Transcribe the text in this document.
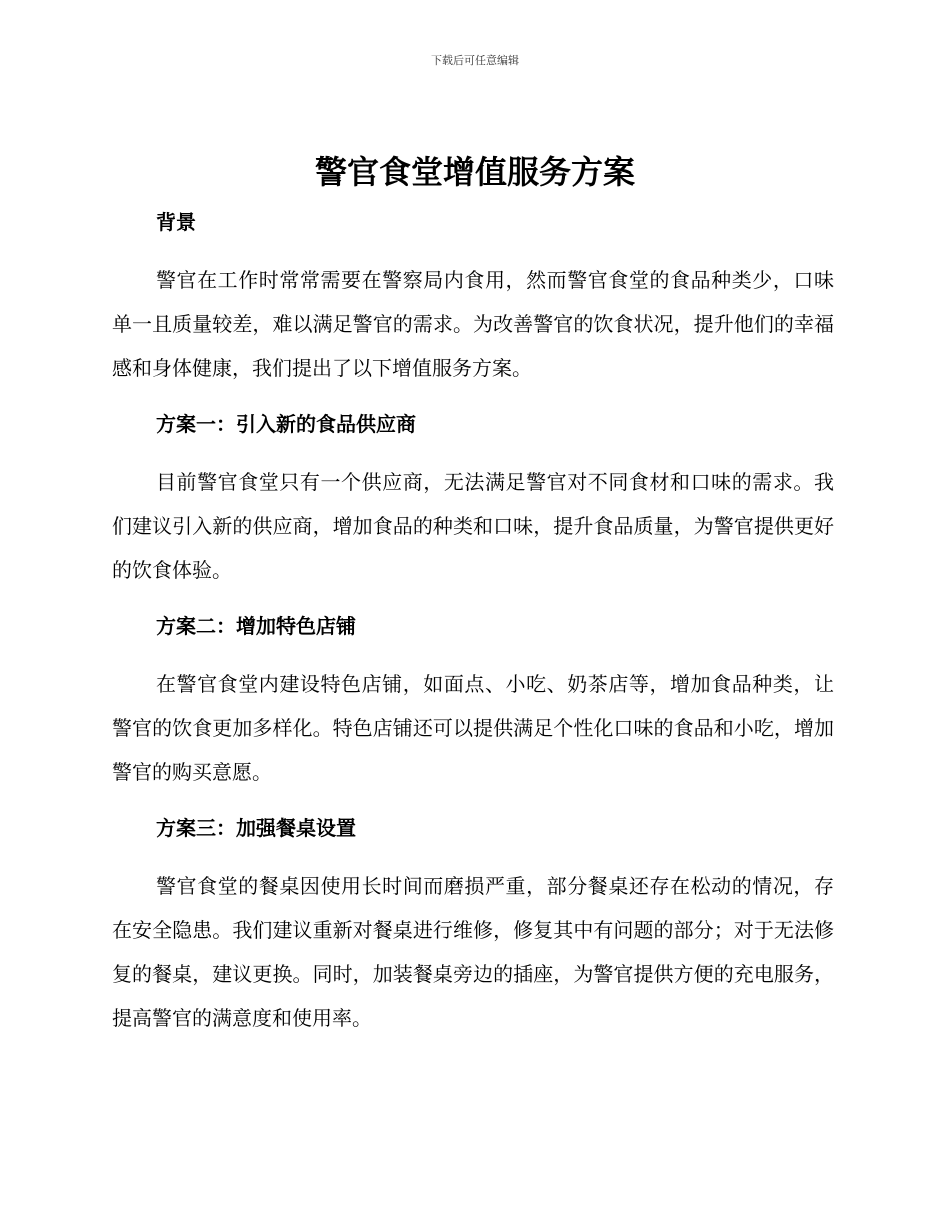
下载后可任意编辑
警官食堂增值服务方案
背景

警官在工作时常常需要在警察局内食用，然而警官食堂的食品种类少，口味单一且质量较差，难以满足警官的需求。为改善警官的饮食状况，提升他们的幸福感和身体健康，我们提出了以下增值服务方案。

方案一：引入新的食品供应商

目前警官食堂只有一个供应商，无法满足警官对不同食材和口味的需求。我们建议引入新的供应商，增加食品的种类和口味，提升食品质量，为警官提供更好的饮食体验。

方案二：增加特色店铺

在警官食堂内建设特色店铺，如面点、小吃、奶茶店等，增加食品种类，让警官的饮食更加多样化。特色店铺还可以提供满足个性化口味的食品和小吃，增加警官的购买意愿。

方案三：加强餐桌设置

警官食堂的餐桌因使用长时间而磨损严重，部分餐桌还存在松动的情况，存在安全隐患。我们建议重新对餐桌进行维修，修复其中有问题的部分；对于无法修复的餐桌，建议更换。同时，加装餐桌旁边的插座，为警官提供方便的充电服务，提高警官的满意度和使用率。
